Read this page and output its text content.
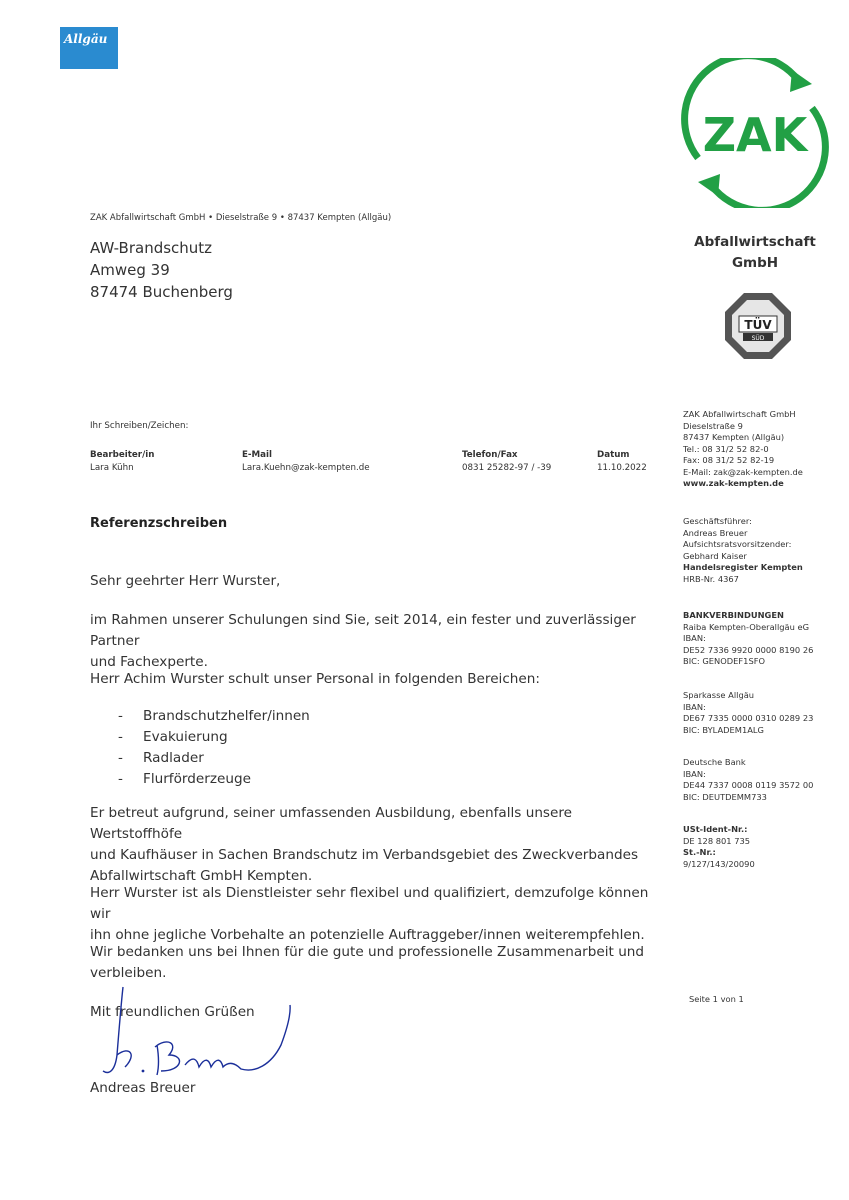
Allgäu
ZAK
Abfallwirtschaft
GmbH
TÜV
SÜD
ZAK Abfallwirtschaft GmbH • Dieselstraße 9 • 87437 Kempten (Allgäu)
AW-Brandschutz
Amweg 39
87474 Buchenberg
Ihr Schreiben/Zeichen:
Bearbeiter/in
Lara Kühn
E-Mail
Lara.Kuehn@zak-kempten.de
Telefon/Fax
0831 25282-97 / -39
Datum
11.10.2022
Referenzschreiben
Sehr geehrter Herr Wurster,
im Rahmen unserer Schulungen sind Sie, seit 2014, ein fester und zuverlässiger Partner
und Fachexperte.
Herr Achim Wurster schult unser Personal in folgenden Bereichen:
- Brandschutzhelfer/innen
- Evakuierung
- Radlader
- Flurförderzeuge
Er betreut aufgrund, seiner umfassenden Ausbildung, ebenfalls unsere Wertstoffhöfe
und Kaufhäuser in Sachen Brandschutz im Verbandsgebiet des Zweckverbandes
Abfallwirtschaft GmbH Kempten.
Herr Wurster ist als Dienstleister sehr flexibel und qualifiziert, demzufolge können wir
ihn ohne jegliche Vorbehalte an potenzielle Auftraggeber/innen weiterempfehlen.
Wir bedanken uns bei Ihnen für die gute und professionelle Zusammenarbeit und
verbleiben.
Mit freundlichen Grüßen
Andreas Breuer
ZAK Abfallwirtschaft GmbH
Dieselstraße 9
87437 Kempten (Allgäu)
Tel.: 08 31/2 52 82-0
Fax: 08 31/2 52 82-19
E-Mail: zak@zak-kempten.de
www.zak-kempten.de
Geschäftsführer:
Andreas Breuer
Aufsichtsratsvorsitzender:
Gebhard Kaiser
Handelsregister Kempten
HRB-Nr. 4367
BANKVERBINDUNGEN
Raiba Kempten-Oberallgäu eG
IBAN:
DE52 7336 9920 0000 8190 26
BIC: GENODEF1SFO
Sparkasse Allgäu
IBAN:
DE67 7335 0000 0310 0289 23
BIC: BYLADEM1ALG
Deutsche Bank
IBAN:
DE44 7337 0008 0119 3572 00
BIC: DEUTDEMM733
USt-Ident-Nr.:
DE 128 801 735
St.-Nr.:
9/127/143/20090
Seite 1 von 1
